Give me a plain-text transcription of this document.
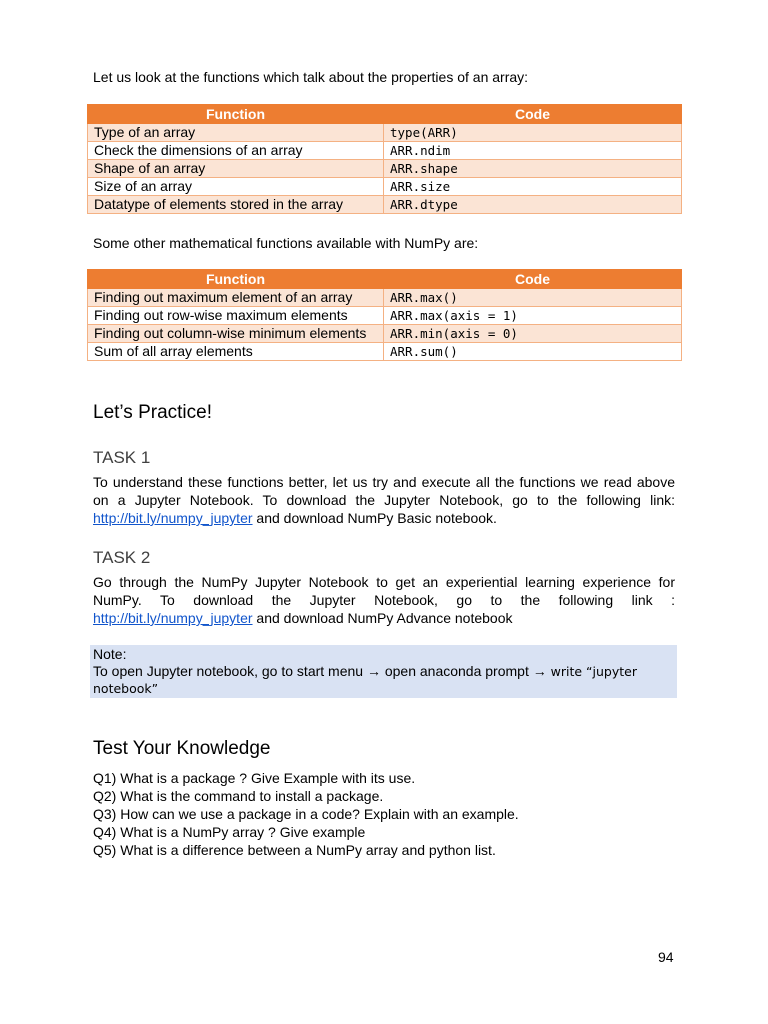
Let us look at the functions which talk about the properties of an array:
Function	Code
Type of an array	type(ARR)
Check the dimensions of an array	ARR.ndim
Shape of an array	ARR.shape
Size of an array	ARR.size
Datatype of elements stored in the array	ARR.dtype
Some other mathematical functions available with NumPy are:
Function	Code
Finding out maximum element of an array	ARR.max()
Finding out row-wise maximum elements	ARR.max(axis = 1)
Finding out column-wise minimum elements	ARR.min(axis = 0)
Sum of all array elements	ARR.sum()
Let’s Practice!
TASK 1
To understand these functions better, let us try and execute all the functions we read above on a Jupyter Notebook. To download the Jupyter Notebook, go to the following link: http://bit.ly/numpy_jupyter and download NumPy Basic notebook.
TASK 2
Go through the NumPy Jupyter Notebook to get an experiential learning experience for NumPy. To download the Jupyter Notebook, go to the following link : http://bit.ly/numpy_jupyter and download NumPy Advance notebook
Note:
To open Jupyter notebook, go to start menu → open anaconda prompt → write “jupyter notebook”
Test Your Knowledge
Q1) What is a package ? Give Example with its use.
Q2) What is the command to install a package.
Q3) How can we use a package in a code? Explain with an example.
Q4) What is a NumPy array ? Give example
Q5) What is a difference between a NumPy array and python list.
94
